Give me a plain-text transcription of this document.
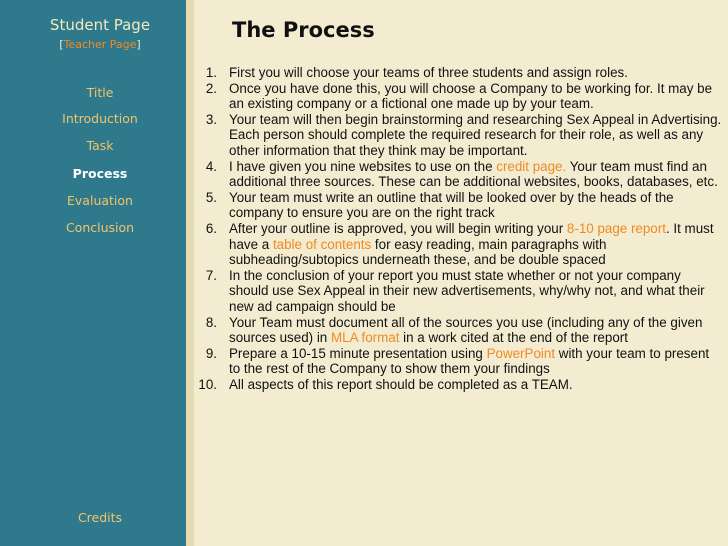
Student Page
[Teacher Page]
Title
Introduction
Task
Process
Evaluation
Conclusion
Credits
The Process
1. First you will choose your teams of three students and assign roles.
2. Once you have done this, you will choose a Company to be working for. It may be an existing company or a fictional one made up by your team.
3. Your team will then begin brainstorming and researching Sex Appeal in Advertising. Each person should complete the required research for their role, as well as any other information that they think may be important.
4. I have given you nine websites to use on the credit page. Your team must find an additional three sources. These can be additional websites, books, databases, etc.
5. Your team must write an outline that will be looked over by the heads of the company to ensure you are on the right track
6. After your outline is approved, you will begin writing your 8-10 page report. It must have a table of contents for easy reading, main paragraphs with subheading/subtopics underneath these, and be double spaced
7. In the conclusion of your report you must state whether or not your company should use Sex Appeal in their new advertisements, why/why not, and what their new ad campaign should be
8. Your Team must document all of the sources you use (including any of the given sources used) in MLA format in a work cited at the end of the report
9. Prepare a 10-15 minute presentation using PowerPoint with your team to present to the rest of the Company to show them your findings
10. All aspects of this report should be completed as a TEAM.
